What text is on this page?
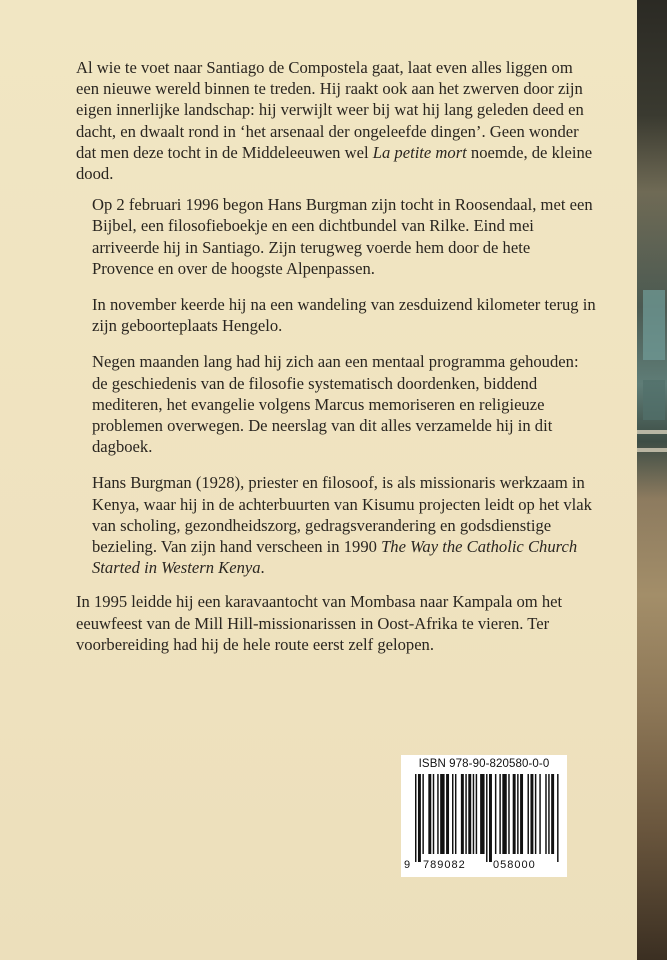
Al wie te voet naar Santiago de Compostela gaat, laat even alles liggen om een nieuwe wereld binnen te treden. Hij raakt ook aan het zwerven door zijn eigen innerlijke landschap: hij verwijlt weer bij wat hij lang geleden deed en dacht, en dwaalt rond in ‘het arsenaal der ongeleefde dingen’. Geen wonder dat men deze tocht in de Middeleeuwen wel La petite mort noemde, de kleine dood.

Op 2 februari 1996 begon Hans Burgman zijn tocht in Roosendaal, met een Bijbel, een filosofieboekje en een dichtbundel van Rilke. Eind mei arriveerde hij in Santiago. Zijn terugweg voerde hem door de hete Provence en over de hoogste Alpenpassen.

In november keerde hij na een wandeling van zesduizend kilometer terug in zijn geboorteplaats Hengelo.

Negen maanden lang had hij zich aan een mentaal programma gehouden: de geschiedenis van de filosofie systematisch doordenken, biddend mediteren, het evangelie volgens Marcus memoriseren en religieuze problemen overwegen. De neerslag van dit alles verzamelde hij in dit dagboek.

Hans Burgman (1928), priester en filosoof, is als missionaris werkzaam in Kenya, waar hij in de achterbuurten van Kisumu projecten leidt op het vlak van scholing, gezondheidszorg, gedragsverandering en godsdienstige bezieling. Van zijn hand verscheen in 1990 The Way the Catholic Church Started in Western Kenya.

In 1995 leidde hij een karavaantocht van Mombasa naar Kampala om het eeuwfeest van de Mill Hill-missionarissen in Oost-Afrika te vieren. Ter voorbereiding had hij de hele route eerst zelf gelopen.

ISBN 978-90-820580-0-0
9 789082 058000
